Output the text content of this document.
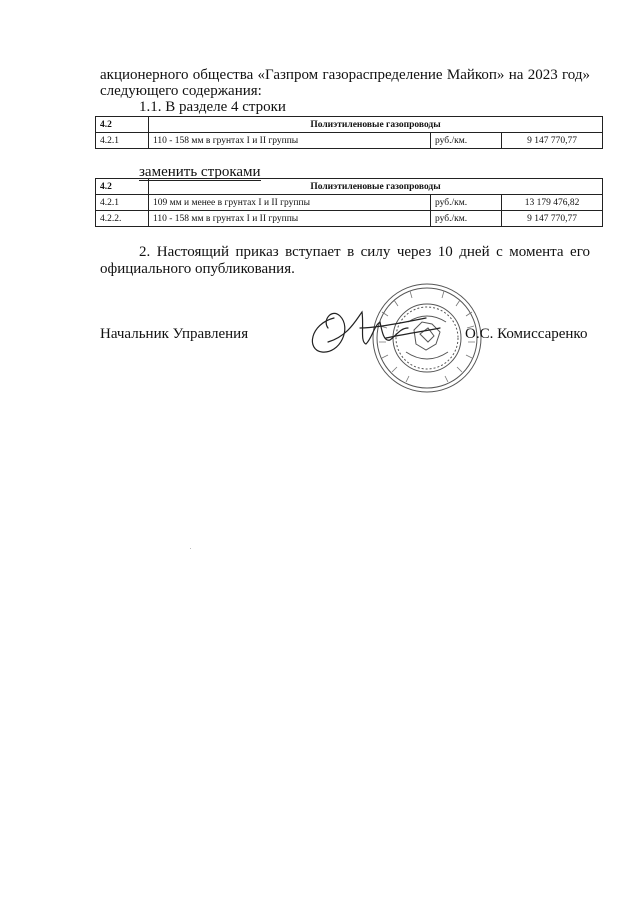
акционерного общества «Газпром газораспределение Майкоп» на 2023 год»
следующего содержания:
1.1. В разделе 4 строки
4.2	Полиэтиленовые газопроводы		
4.2.1	110 - 158 мм в грунтах I и II группы	руб./км.	9 147 770,77
заменить строками
4.2	Полиэтиленовые газопроводы		
4.2.1	109 мм и менее в грунтах I и II группы	руб./км.	13 179 476,82
4.2.2.	110 - 158 мм в грунтах I и II группы	руб./км.	9 147 770,77
2. Настоящий приказ вступает в силу через 10 дней с момента его
официального опубликования.
Начальник Управления	О.С. Комиссаренко
